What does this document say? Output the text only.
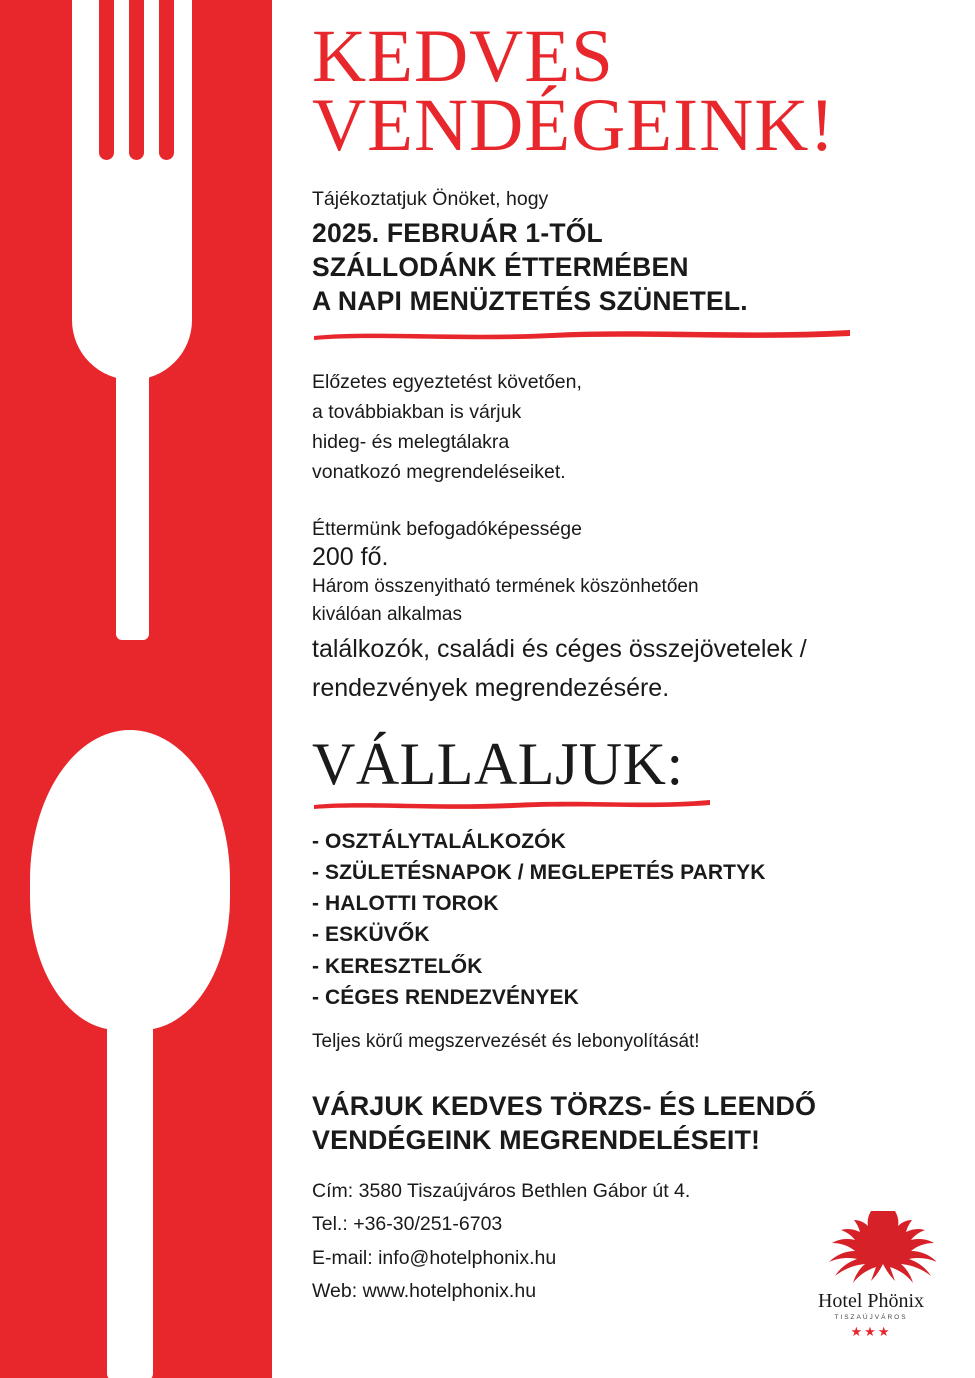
KEDVES
VENDÉGEINK!
Tájékoztatjuk Önöket, hogy
2025. FEBRUÁR 1-TŐL
SZÁLLODÁNK ÉTTERMÉBEN
A NAPI MENÜZTETÉS SZÜNETEL.
Előzetes egyeztetést követően,
a továbbiakban is várjuk
hideg- és melegtálakra
vonatkozó megrendeléseiket.
Éttermünk befogadóképessége
200 fő.
Három összenyitható termének köszönhetően
kiválóan alkalmas
találkozók, családi és céges összejövetelek /
rendezvények megrendezésére.
VÁLLALJUK:
- OSZTÁLYTALÁLKOZÓK
- SZÜLETÉSNAPOK / MEGLEPETÉS PARTYK
- HALOTTI TOROK
- ESKÜVŐK
- KERESZTELŐK
- CÉGES RENDEZVÉNYEK
Teljes körű megszervezését és lebonyolítását!
VÁRJUK KEDVES TÖRZS- ÉS LEENDŐ
VENDÉGEINK MEGRENDELÉSEIT!
Cím: 3580 Tiszaújváros Bethlen Gábor út 4.
Tel.: +36-30/251-6703
E-mail: info@hotelphonix.hu
Web: www.hotelphonix.hu	Hotel Phönix
TISZAÚJVÁROS
★★★
